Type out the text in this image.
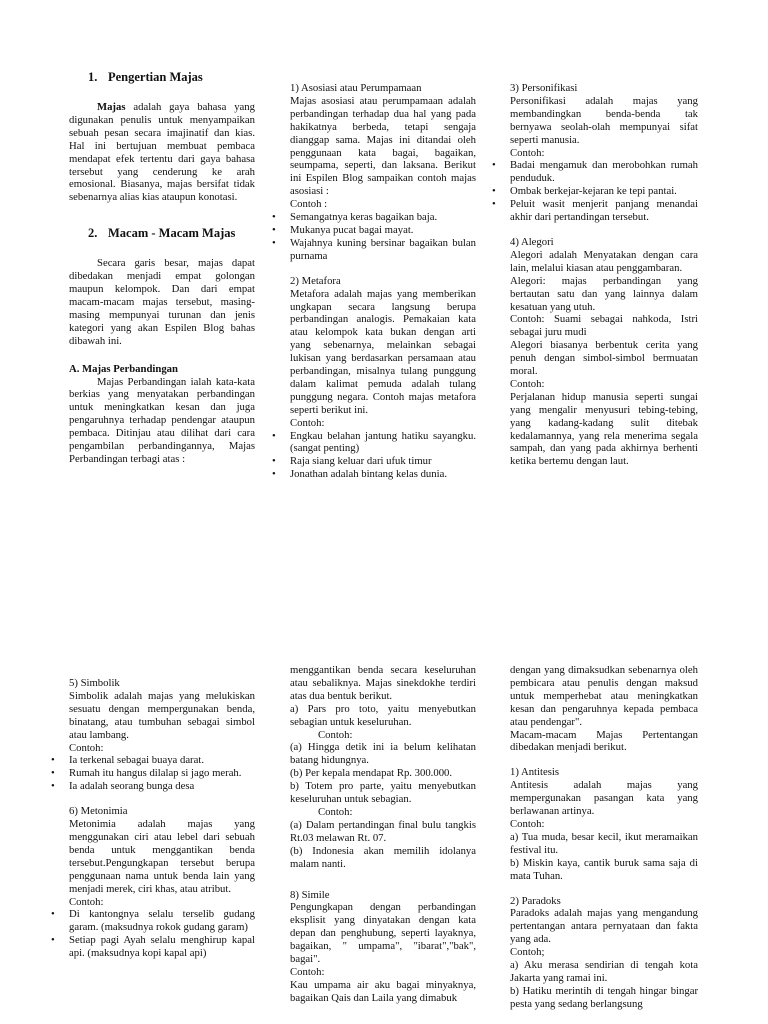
1. Pengertian Majas

Majas adalah gaya bahasa yang digunakan penulis untuk menyampaikan sebuah pesan secara imajinatif dan kias. Hal ini bertujuan membuat pembaca mendapat efek tertentu dari gaya bahasa tersebut yang cenderung ke arah emosional. Biasanya, majas bersifat tidak sebenarnya alias kias ataupun konotasi.

2. Macam - Macam Majas

Secara garis besar, majas dapat dibedakan menjadi empat golongan maupun kelompok. Dan dari empat macam-macam majas tersebut, masing-masing mempunyai turunan dan jenis kategori yang akan Espilen Blog bahas dibawah ini.

A. Majas Perbandingan

Majas Perbandingan ialah kata-kata berkias yang menyatakan perbandingan untuk meningkatkan kesan dan juga pengaruhnya terhadap pendengar ataupun pembaca. Ditinjau atau dilihat dari cara pengambilan perbandingannya, Majas Perbandingan terbagi atas :

1) Asosiasi atau Perumpamaan

Majas asosiasi atau perumpamaan adalah perbandingan terhadap dua hal yang pada hakikatnya berbeda, tetapi sengaja dianggap sama. Majas ini ditandai oleh penggunaan kata bagai, bagaikan, seumpama, seperti, dan laksana. Berikut ini Espilen Blog sampaikan contoh majas asosiasi :

Contoh :

• Semangatnya keras bagaikan baja.
• Mukanya pucat bagai mayat.
• Wajahnya kuning bersinar bagaikan bulan purnama

2) Metafora

Metafora adalah majas yang memberikan ungkapan secara langsung berupa perbandingan analogis. Pemakaian kata atau kelompok kata bukan dengan arti yang sebenarnya, melainkan sebagai lukisan yang berdasarkan persamaan atau perbandingan, misalnya tulang punggung dalam kalimat pemuda adalah tulang punggung negara. Contoh majas metafora seperti berikut ini.

Contoh:

• Engkau belahan jantung hatiku sayangku. (sangat penting)
• Raja siang keluar dari ufuk timur
• Jonathan adalah bintang kelas dunia.

3) Personifikasi

Personifikasi adalah majas yang membandingkan benda-benda tak bernyawa seolah-olah mempunyai sifat seperti manusia.

Contoh:

• Badai mengamuk dan merobohkan rumah penduduk.
• Ombak berkejar-kejaran ke tepi pantai.
• Peluit wasit menjerit panjang menandai akhir dari pertandingan tersebut.

4) Alegori

Alegori adalah Menyatakan dengan cara lain, melalui kiasan atau penggambaran.

Alegori: majas perbandingan yang bertautan satu dan yang lainnya dalam kesatuan yang utuh.

Contoh: Suami sebagai nahkoda, Istri sebagai juru mudi

Alegori biasanya berbentuk cerita yang penuh dengan simbol-simbol bermuatan moral.

Contoh:

Perjalanan hidup manusia seperti sungai yang mengalir menyusuri tebing-tebing, yang kadang-kadang sulit ditebak kedalamannya, yang rela menerima segala sampah, dan yang pada akhirnya berhenti ketika bertemu dengan laut.

5) Simbolik

Simbolik adalah majas yang melukiskan sesuatu dengan mempergunakan benda, binatang, atau tumbuhan sebagai simbol atau lambang.

Contoh:

• Ia terkenal sebagai buaya darat.
• Rumah itu hangus dilalap si jago merah.
• Ia adalah seorang bunga desa

6) Metonimia

Metonimia adalah majas yang menggunakan ciri atau lebel dari sebuah benda untuk menggantikan benda tersebut.Pengungkapan tersebut berupa penggunaan nama untuk benda lain yang menjadi merek, ciri khas, atau atribut.

Contoh:

• Di kantongnya selalu terselib gudang garam. (maksudnya rokok gudang garam)
• Setiap pagi Ayah selalu menghirup kapal api. (maksudnya kopi kapal api)

menggantikan benda secara keseluruhan atau sebaliknya. Majas sinekdokhe terdiri atas dua bentuk berikut.

a) Pars pro toto, yaitu menyebutkan sebagian untuk keseluruhan.

Contoh:

(a) Hingga detik ini ia belum kelihatan batang hidungnya.

(b) Per kepala mendapat Rp. 300.000.

b) Totem pro parte, yaitu menyebutkan keseluruhan untuk sebagian.

Contoh:

(a) Dalam pertandingan final bulu tangkis Rt.03 melawan Rt. 07.

(b) Indonesia akan memilih idolanya malam nanti.

8) Simile

Pengungkapan dengan perbandingan eksplisit yang dinyatakan dengan kata depan dan penghubung, seperti layaknya, bagaikan, " umpama", "ibarat","bak", bagai".

Contoh:

Kau umpama air aku bagai minyaknya, bagaikan Qais dan Laila yang dimabuk

dengan yang dimaksudkan sebenarnya oleh pembicara atau penulis dengan maksud untuk memperhebat atau meningkatkan kesan dan pengaruhnya kepada pembaca atau pendengar".

Macam-macam Majas Pertentangan dibedakan menjadi berikut.

1) Antitesis

Antitesis adalah majas yang mempergunakan pasangan kata yang berlawanan artinya.

Contoh:

a) Tua muda, besar kecil, ikut meramaikan festival itu.

b) Miskin kaya, cantik buruk sama saja di mata Tuhan.

2) Paradoks

Paradoks adalah majas yang mengandung pertentangan antara pernyataan dan fakta yang ada.

Contoh;

a) Aku merasa sendirian di tengah kota Jakarta yang ramai ini.

b) Hatiku merintih di tengah hingar bingar pesta yang sedang berlangsung
